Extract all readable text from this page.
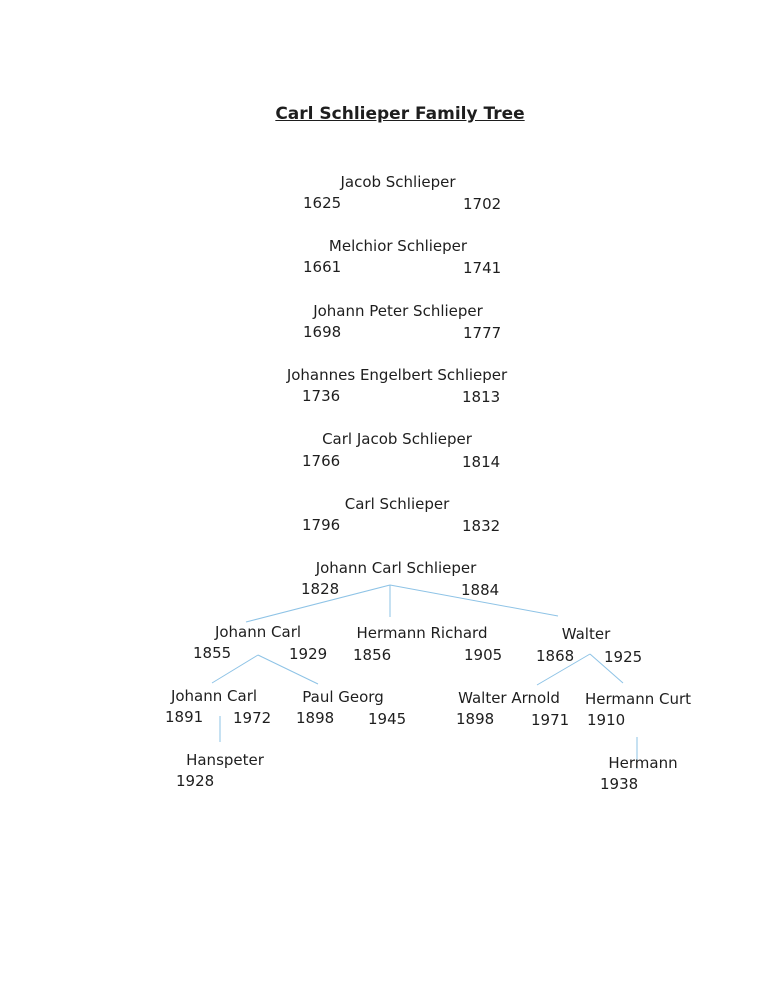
Carl Schlieper Family Tree
Jacob Schlieper
1625	1702
Melchior Schlieper
1661	1741
Johann Peter Schlieper
1698	1777
Johannes Engelbert Schlieper
1736	1813
Carl Jacob Schlieper
1766	1814
Carl Schlieper
1796	1832
Johann Carl Schlieper
1828	1884
Johann Carl
1855	1929
Hermann Richard
1856	1905
Walter
1868 1925
Johann Carl
1891 1972
Paul Georg
1898 1945
Walter Arnold
1898 1971
Hermann Curt
1910
Hanspeter
1928
Hermann
1938
